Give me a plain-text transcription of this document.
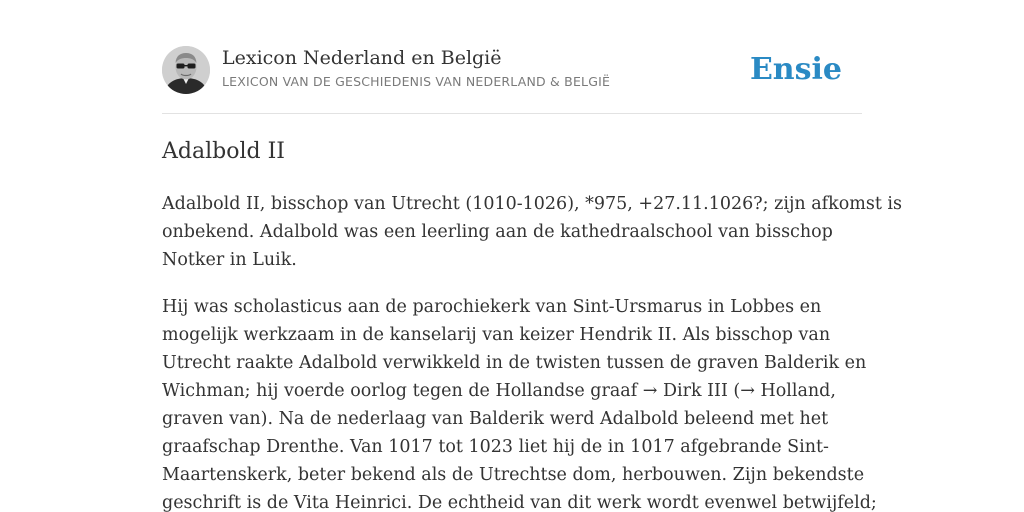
Lexicon Nederland en België
LEXICON VAN DE GESCHIEDENIS VAN NEDERLAND & BELGIË	Ensie
Adalbold II

Adalbold II, bisschop van Utrecht (1010-1026), *975, +27.11.1026?; zijn afkomst is
onbekend. Adalbold was een leerling aan de kathedraalschool van bisschop
Notker in Luik.

Hij was scholasticus aan de parochiekerk van Sint-Ursmarus in Lobbes en
mogelijk werkzaam in de kanselarij van keizer Hendrik II. Als bisschop van
Utrecht raakte Adalbold verwikkeld in de twisten tussen de graven Balderik en
Wichman; hij voerde oorlog tegen de Hollandse graaf → Dirk III (→ Holland,
graven van). Na de nederlaag van Balderik werd Adalbold beleend met het
graafschap Drenthe. Van 1017 tot 1023 liet hij de in 1017 afgebrande Sint-
Maartenskerk, beter bekend als de Utrechtse dom, herbouwen. Zijn bekendste
geschrift is de Vita Heinrici. De echtheid van dit werk wordt evenwel betwijfeld;
